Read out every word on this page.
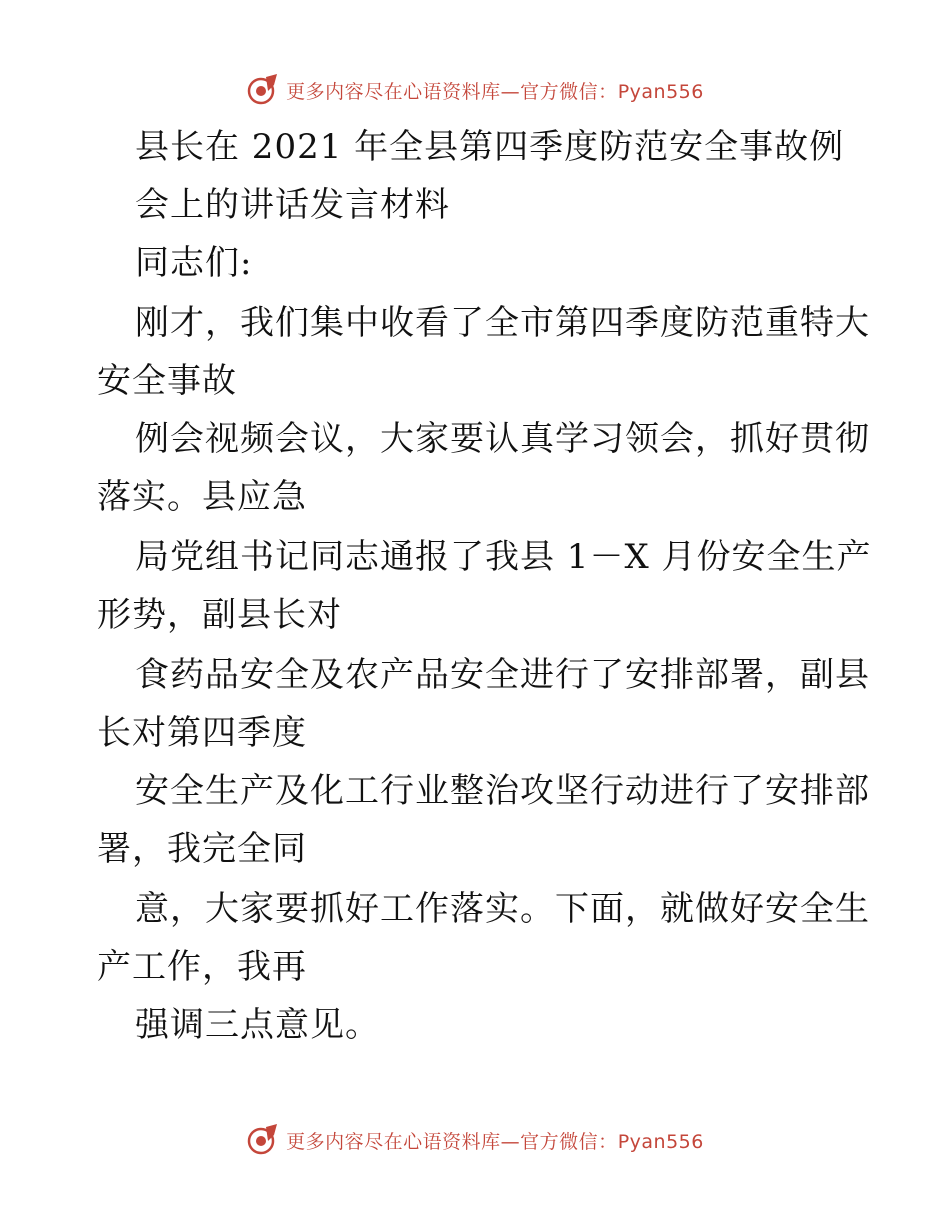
更多内容尽在心语资料库—官方微信：Pyan556
县长在 2021 年全县第四季度防范安全事故例
会上的讲话发言材料
同志们:
刚才，我们集中收看了全市第四季度防范重特大
安全事故
例会视频会议，大家要认真学习领会，抓好贯彻
落实。县应急
局党组书记同志通报了我县 1－X 月份安全生产
形势，副县长对
食药品安全及农产品安全进行了安排部署，副县
长对第四季度
安全生产及化工行业整治攻坚行动进行了安排部
署，我完全同
意，大家要抓好工作落实。下面，就做好安全生
产工作，我再
强调三点意见。
更多内容尽在心语资料库—官方微信：Pyan556
